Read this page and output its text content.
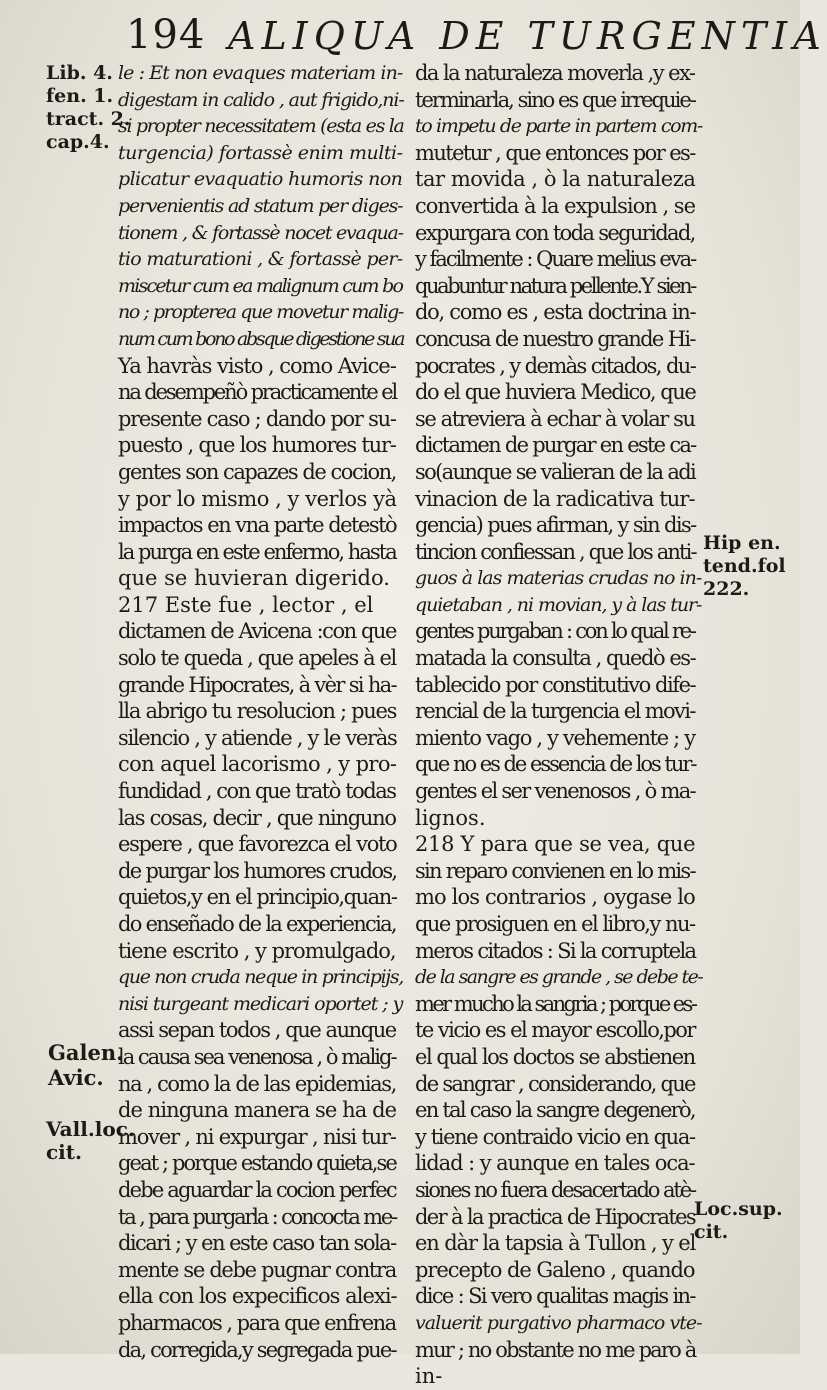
194 ALIQUA DE TURGENTIA
Lib. 4.
fen. 1.
tract. 2.
cap.4.
Hip en.
tend.fol
222.
Galen.
Avic.
Vall.loc.
cit.
Loc.sup.
cit.
le : Et non evaques materiam in-
digestam in calido , aut frigido,ni-
si propter necessitatem (esta es la
turgencia) fortassè enim multi-
plicatur evaquatio humoris non
pervenientis ad statum per diges-
tionem , & fortassè nocet evaqua-
tio maturationi , & fortassè per-
miscetur cum ea malignum cum bo
no ; propterea que movetur malig-
num cum bono absque digestione sua
Ya havràs visto , como Avice-
na desempeñò practicamente el
presente caso ; dando por su-
puesto , que los humores tur-
gentes son capazes de cocion,
y por lo mismo , y verlos yà
impactos en vna parte detestò
la purga en este enfermo, hasta
que se huvieran digerido.
217 Este fue , lector , el
dictamen de Avicena :con que
solo te queda , que apeles à el
grande Hipocrates, à vèr si ha-
lla abrigo tu resolucion ; pues
silencio , y atiende , y le veràs
con aquel lacorismo , y pro-
fundidad , con que tratò todas
las cosas, decir , que ninguno
espere , que favorezca el voto
de purgar los humores crudos,
quietos,y en el principio,quan-
do enseñado de la experiencia,
tiene escrito , y promulgado,
que non cruda neque in principijs,
nisi turgeant medicari oportet ; y
assi sepan todos , que aunque
la causa sea venenosa , ò malig-
na , como la de las epidemias,
de ninguna manera se ha de
mover , ni expurgar , nisi tur-
geat ; porque estando quieta,se
debe aguardar la cocion perfec
ta , para purgarla : concocta me-
dicari ; y en este caso tan sola-
mente se debe pugnar contra
ella con los expecificos alexi-
pharmacos , para que enfrena
da, corregida,y segregada pue-
da la naturaleza moverla ,y ex-
terminarla, sino es que irrequie-
to impetu de parte in partem com-
mutetur , que entonces por es-
tar movida , ò la naturaleza
convertida à la expulsion , se
expurgara con toda seguridad,
y facilmente : Quare melius eva-
quabuntur natura pellente.Y sien-
do, como es , esta doctrina in-
concusa de nuestro grande Hi-
pocrates , y demàs citados, du-
do el que huviera Medico, que
se atreviera à echar à volar su
dictamen de purgar en este ca-
so(aunque se valieran de la adi
vinacion de la radicativa tur-
gencia) pues afirman, y sin dis-
tincion confiessan , que los anti-
guos à las materias crudas no in-
quietaban , ni movian, y à las tur-
gentes purgaban : con lo qual re-
matada la consulta , quedò es-
tablecido por constitutivo dife-
rencial de la turgencia el movi-
miento vago , y vehemente ; y
que no es de essencia de los tur-
gentes el ser venenosos , ò ma-
lignos.
218 Y para que se vea, que
sin reparo convienen en lo mis-
mo los contrarios , oygase lo
que prosiguen en el libro,y nu-
meros citados : Si la corruptela
de la sangre es grande , se debe te-
mer mucho la sangria ; porque es-
te vicio es el mayor escollo,por
el qual los doctos se abstienen
de sangrar , considerando, que
en tal caso la sangre degenerò,
y tiene contraido vicio en qua-
lidad : y aunque en tales oca-
siones no fuera desacertado atè-
der à la practica de Hipocrates
en dàr la tapsia à Tullon , y el
precepto de Galeno , quando
dice : Si vero qualitas magis in-
valuerit purgativo pharmaco vte-
mur ; no obstante no me paro à
in-
